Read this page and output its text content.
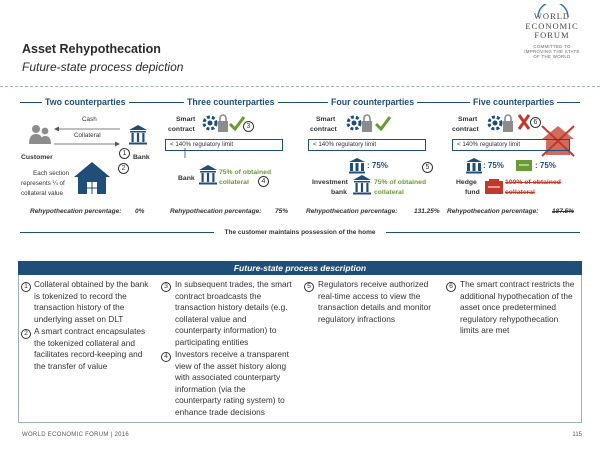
Asset Rehypothecation
Future-state process depiction
WORLD
ECONOMIC
FORUM
COMMITTED TO
IMPROVING THE STATE
OF THE WORLD
Two counterparties	Three counterparties	Four counterparties	Five counterparties
Cash
Collateral
Customer
1
Bank
2
Each section
represents ¼ of
collateral value
Smart
contract	3
< 140% regulatory limit
Bank
75% of obtained
collateral	4
Smart
contract
< 140% regulatory limit
: 75%	5
Investment
bank
75% of obtained
collateral
Smart
contract
6
< 140% regulatory limit
: 75%	: 75%
Hedge
fund
100% of obtained
collateral
Rehypothecation percentage: 0%	Rehypothecation percentage: 75%	Rehypothecation percentage:	131.25% Rehypothecation percentage: 187.5%
The customer maintains possession of the home
Future-state process description
1 Collateral obtained by the bank
is tokenized to record the
transaction history of the
underlying asset on DLT
2 A smart contract encapsulates
the tokenized collateral and
facilitates record-keeping and
the transfer of value
3 In subsequent trades, the smart
contract broadcasts the
transaction history details (e.g.
collateral value and
counterparty information) to
participating entities
4 Investors receive a transparent
view of the asset history along
with associated counterparty
information (via the
counterparty rating system) to
enhance trade decisions
5 Regulators receive authorized
real-time access to view the
transaction details and monitor
regulatory infractions
6 The smart contract restricts the
additional hypothecation of the
asset once predetermined
regulatory rehypothecation
limits are met
WORLD ECONOMIC FORUM | 2016	115
